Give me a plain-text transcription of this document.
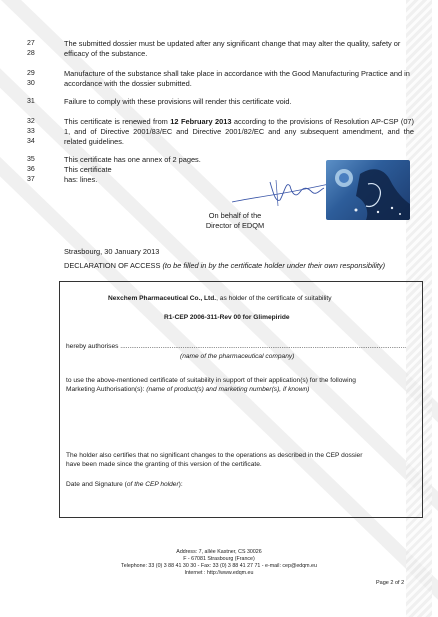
27
28
The submitted dossier must be updated after any significant change that may alter the quality, safety or efficacy of the substance.
29
30
Manufacture of the substance shall take place in accordance with the Good Manufacturing Practice and in accordance with the dossier submitted.
31	Failure to comply with these provisions will render this certificate void.
32
33
34
This certificate is renewed from 12 February 2013 according to the provisions of Resolution AP-CSP (07) 1, and of Directive 2001/83/EC and Directive 2001/82/EC and any subsequent amendment, and the related guidelines.
35	This certificate has one annex of 2 pages.
36
37
This certificate has: lines.
On behalf of the
Director of EDQM
Strasbourg, 30 January 2013
DECLARATION OF ACCESS (to be filled in by the certificate holder under their own responsibility)
Nexchem Pharmaceutical Co., Ltd., as holder of the certificate of suitability
R1-CEP 2006-311-Rev 00 for Glimepiride
hereby authorises ............................................................................................................................................................
(name of the pharmaceutical company)
to use the above-mentioned certificate of suitability in support of their application(s) for the following
Marketing Authorisation(s): (name of product(s) and marketing number(s), if known)
The holder also certifies that no significant changes to the operations as described in the CEP dossier
have been made since the granting of this version of the certificate.
Date and Signature (of the CEP holder):
Address: 7, allée Kastner, CS 30026
F - 67081 Strasbourg (France)
Telephone: 33 (0) 3 88 41 30 30 - Fax: 33 (0) 3 88 41 27 71 - e-mail: cep@edqm.eu
Internet : http://www.edqm.eu
Page 2 of 2
